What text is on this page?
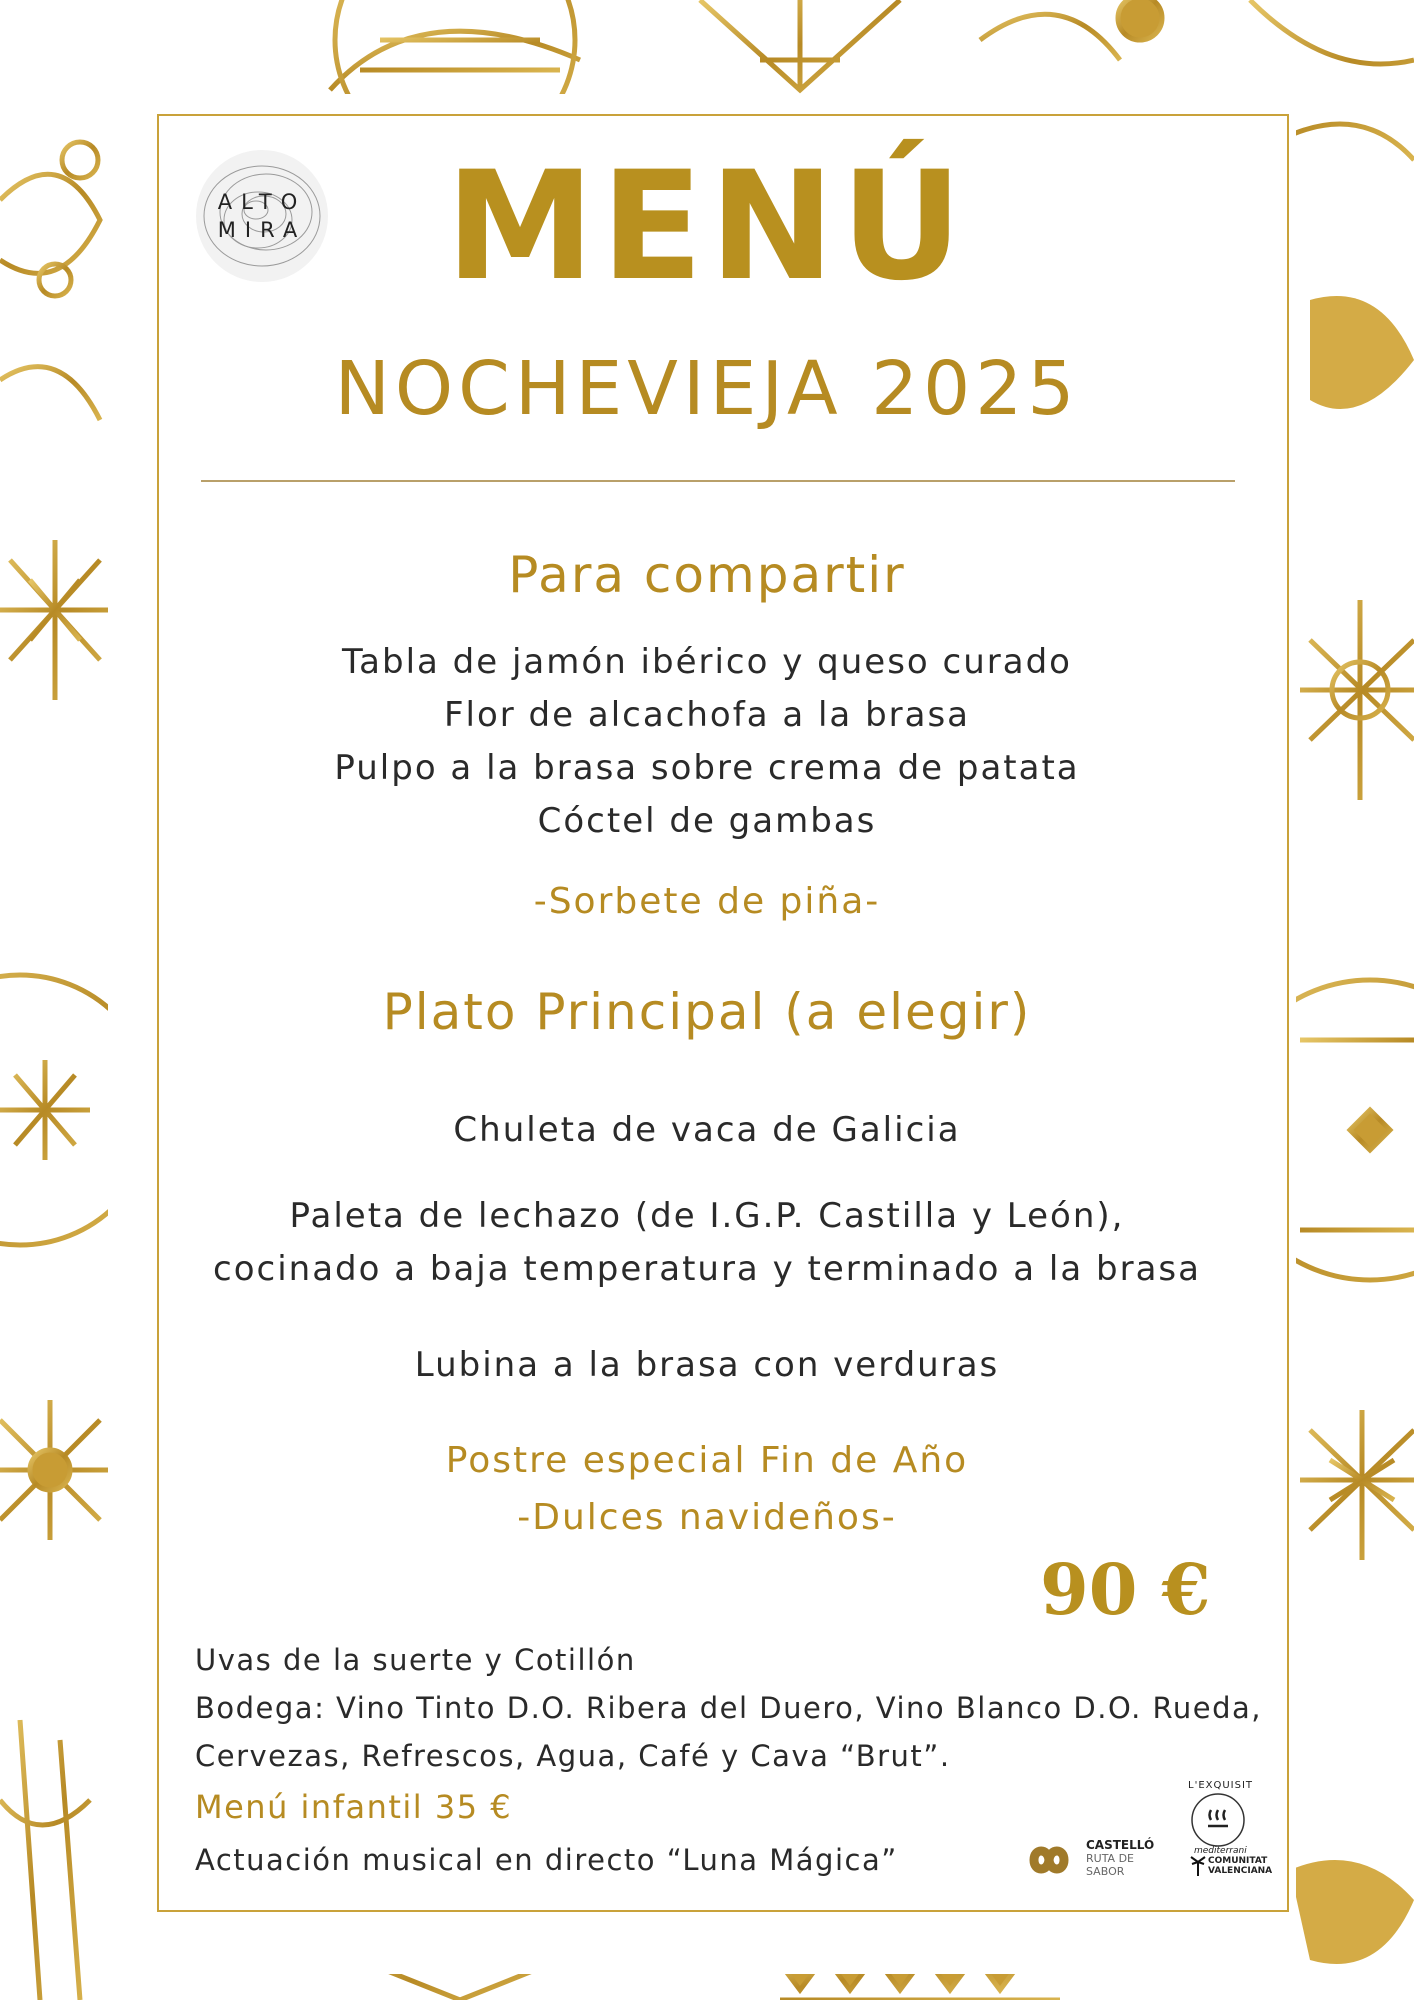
ALTO
MIRA MENÚ
NOCHEVIEJA 2025
Para compartir
Tabla de jamón ibérico y queso curado
Flor de alcachofa a la brasa
Pulpo a la brasa sobre crema de patata
Cóctel de gambas
-Sorbete de piña-
Plato Principal (a elegir)
Chuleta de vaca de Galicia
Paleta de lechazo (de I.G.P. Castilla y León),
cocinado a baja temperatura y terminado a la brasa
Lubina a la brasa con verduras
Postre especial Fin de Año
-Dulces navideños-
90 €
Uvas de la suerte y Cotillón
Bodega: Vino Tinto D.O. Ribera del Duero, Vino Blanco D.O. Rueda,
Cervezas, Refrescos, Agua, Café y Cava “Brut”.
Menú infantil 35 €
Actuación musical en directo “Luna Mágica”	CASTELLÓ
RUTA DE
SABOR
L'EXQUISIT
mediterrani
COMUNITAT
VALENCIANA
